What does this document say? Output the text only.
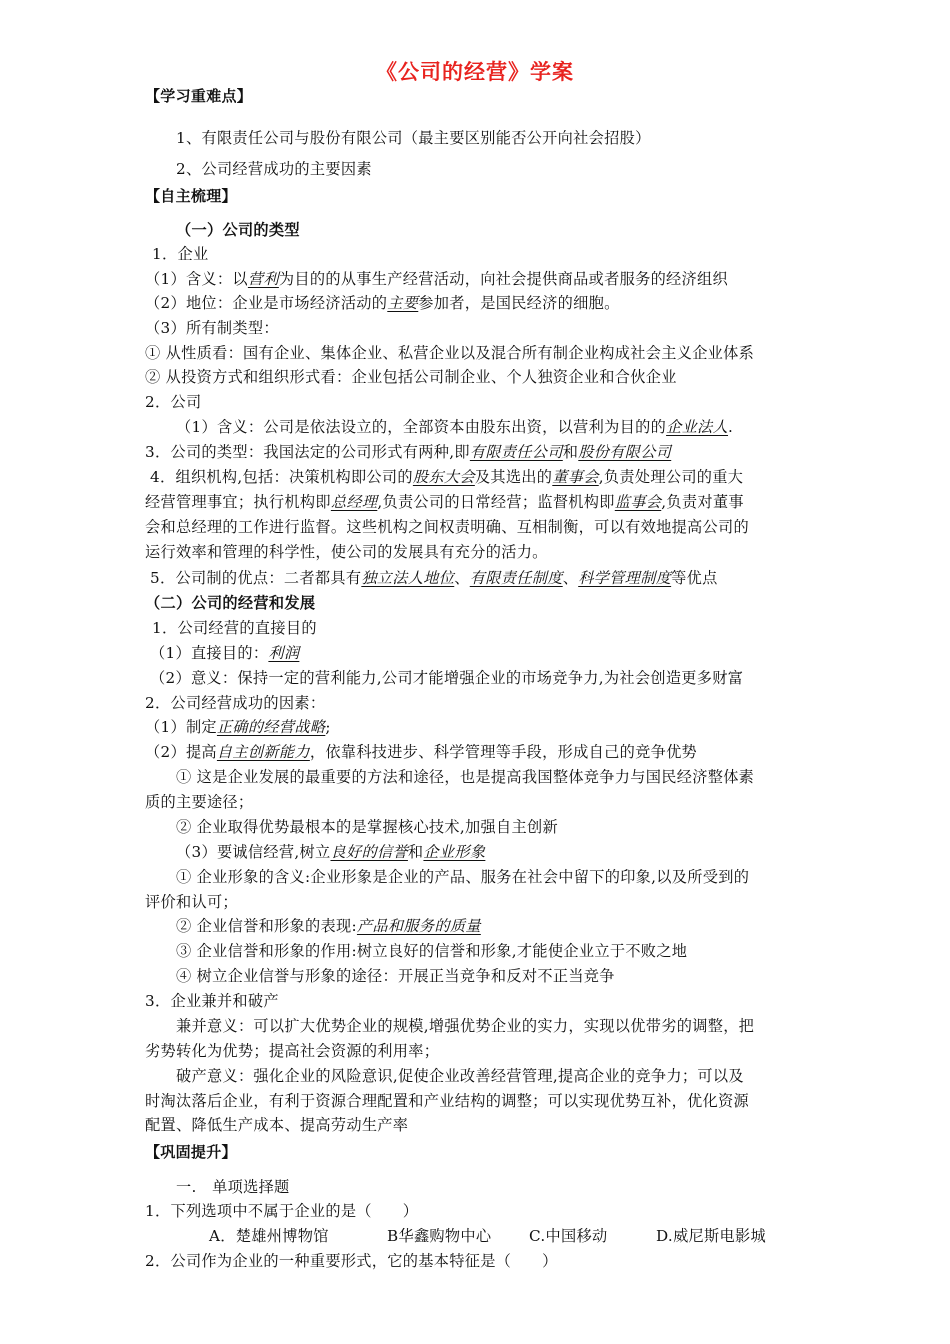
《公司的经营》学案
【学习重难点】
1、有限责任公司与股份有限公司（最主要区别能否公开向社会招股）
2、公司经营成功的主要因素
【自主梳理】
（一）公司的类型
1．企业
（1）含义：以营利为目的的从事生产经营活动，向社会提供商品或者服务的经济组织
（2）地位：企业是市场经济活动的主要参加者，是国民经济的细胞。
（3）所有制类型：
① 从性质看：国有企业、集体企业、私营企业以及混合所有制企业构成社会主义企业体系
② 从投资方式和组织形式看：企业包括公司制企业、个人独资企业和合伙企业
2．公司
（1）含义：公司是依法设立的，全部资本由股东出资，以营利为目的的企业法人.
3．公司的类型：我国法定的公司形式有两种,即有限责任公司和股份有限公司
4．组织机构,包括：决策机构即公司的股东大会及其选出的董事会,负责处理公司的重大
经营管理事宜；执行机构即总经理,负责公司的日常经营；监督机构即监事会,负责对董事
会和总经理的工作进行监督。这些机构之间权责明确、互相制衡，可以有效地提高公司的
运行效率和管理的科学性，使公司的发展具有充分的活力。
5．公司制的优点：二者都具有独立法人地位、有限责任制度、科学管理制度等优点
（二）公司的经营和发展
1．公司经营的直接目的
（1）直接目的：利润
（2）意义：保持一定的营利能力,公司才能增强企业的市场竞争力,为社会创造更多财富
2．公司经营成功的因素：
（1）制定正确的经营战略;
（2）提高自主创新能力，依靠科技进步、科学管理等手段，形成自己的竞争优势
① 这是企业发展的最重要的方法和途径，也是提高我国整体竞争力与国民经济整体素
质的主要途径；
② 企业取得优势最根本的是掌握核心技术,加强自主创新
（3）要诚信经营,树立良好的信誉和企业形象
① 企业形象的含义:企业形象是企业的产品、服务在社会中留下的印象,以及所受到的
评价和认可；
② 企业信誉和形象的表现:产品和服务的质量
③ 企业信誉和形象的作用:树立良好的信誉和形象,才能使企业立于不败之地
④ 树立企业信誉与形象的途径：开展正当竞争和反对不正当竞争
3．企业兼并和破产
兼并意义：可以扩大优势企业的规模,增强优势企业的实力，实现以优带劣的调整，把
劣势转化为优势；提高社会资源的利用率；
破产意义：强化企业的风险意识,促使企业改善经营管理,提高企业的竞争力；可以及
时淘汰落后企业，有利于资源合理配置和产业结构的调整；可以实现优势互补，优化资源
配置、降低生产成本、提高劳动生产率
【巩固提升】
一.　单项选择题
1．下列选项中不属于企业的是（　　）
A．楚雄州博物馆	B华鑫购物中心 C.中国移动	D.威尼斯电影城
2．公司作为企业的一种重要形式，它的基本特征是（　　）
